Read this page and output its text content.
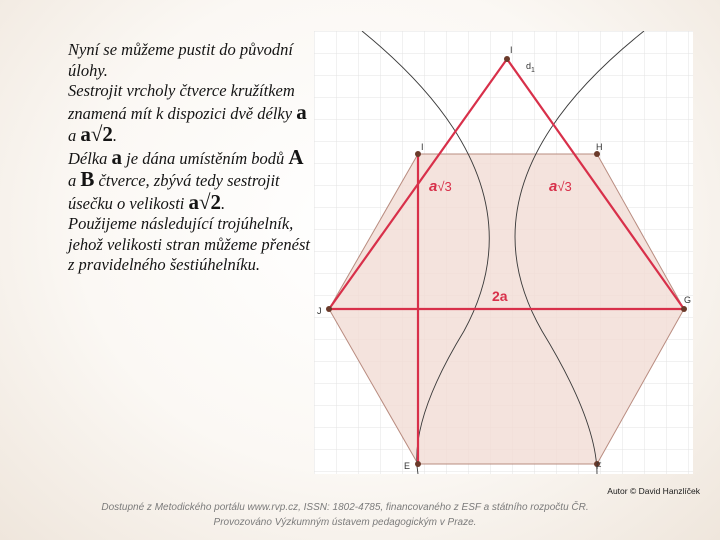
Nyní se můžeme pustit do původní úlohy.

Sestrojit vrcholy čtverce kružítkem znamená mít k dispozici dvě délky a a a√2.

Délka a je dána umístěním bodů A a B čtverce, zbývá tedy sestrojit úsečku o velikosti a√2.

Použijeme následující trojúhelník, jehož velikosti stran můžeme přenést z pravidelného šestiúhelníku.

I
$d_1$
I	H
J
G
E	F
a√3	a√3
2a
Autor © David Hanzlíček
Dostupné z Metodického portálu www.rvp.cz, ISSN: 1802-4785, financovaného z ESF a státního rozpočtu ČR.
Provozováno Výzkumným ústavem pedagogickým v Praze.
